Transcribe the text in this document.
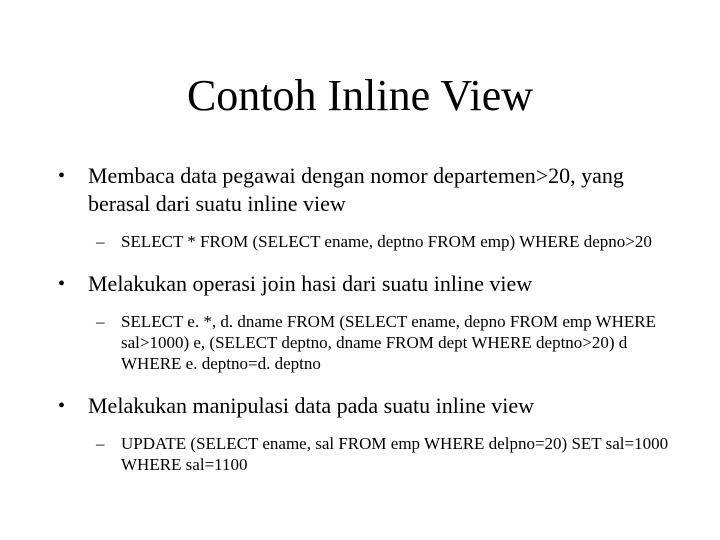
Contoh Inline View
•	Membaca data pegawai dengan nomor departemen>20, yang berasal dari suatu inline view
– SELECT * FROM (SELECT ename, deptno FROM emp) WHERE depno>20
•	Melakukan operasi join hasi dari suatu inline view
– SELECT e. *, d. dname FROM (SELECT ename, depno FROM emp WHERE sal>1000) e, (SELECT deptno, dname FROM dept WHERE deptno>20) d WHERE e. deptno=d. deptno
•	Melakukan manipulasi data pada suatu inline view
– UPDATE (SELECT ename, sal FROM emp WHERE delpno=20) SET sal=1000 WHERE sal=1100
